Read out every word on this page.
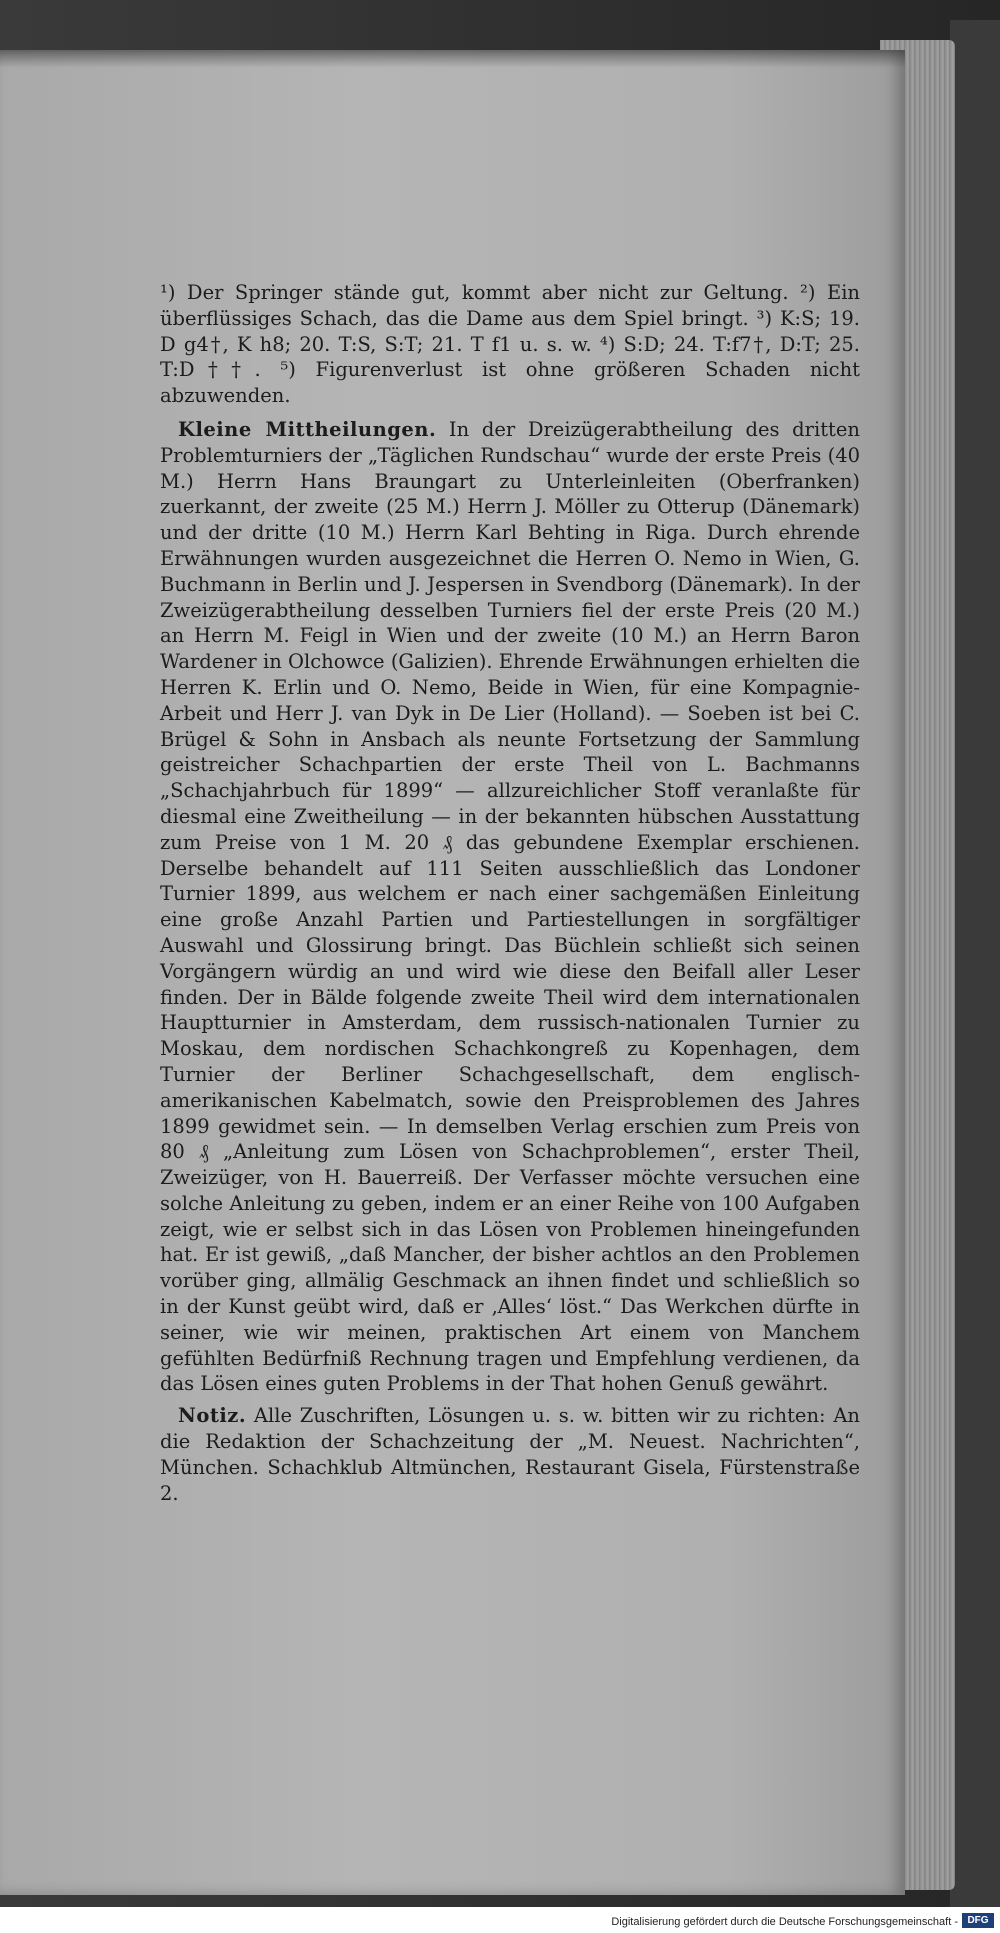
¹) Der Springer stände gut, kommt aber nicht zur Geltung. ²) Ein überflüssiges Schach, das die Dame aus dem Spiel bringt. ³) K:S; 19. D g4†, K h8; 20. T:S, S:T; 21. T f1 u. s. w. ⁴) S:D; 24. T:f7†, D:T; 25. T:D††. ⁵) Figurenverlust ist ohne größeren Schaden nicht abzuwenden.

Kleine Mittheilungen. In der Dreizügerabtheilung des dritten Problemturniers der „Täglichen Rundschau“ wurde der erste Preis (40 M.) Herrn Hans Braungart zu Unterleinleiten (Oberfranken) zuerkannt, der zweite (25 M.) Herrn J. Möller zu Otterup (Dänemark) und der dritte (10 M.) Herrn Karl Behting in Riga. Durch ehrende Erwähnungen wurden ausgezeichnet die Herren O. Nemo in Wien, G. Buchmann in Berlin und J. Jespersen in Svendborg (Dänemark). In der Zweizügerabtheilung desselben Turniers fiel der erste Preis (20 M.) an Herrn M. Feigl in Wien und der zweite (10 M.) an Herrn Baron Wardener in Olchowce (Galizien). Ehrende Erwähnungen erhielten die Herren K. Erlin und O. Nemo, Beide in Wien, für eine Kompagnie-Arbeit und Herr J. van Dyk in De Lier (Holland). — Soeben ist bei C. Brügel & Sohn in Ansbach als neunte Fortsetzung der Sammlung geistreicher Schachpartien der erste Theil von L. Bachmanns „Schachjahrbuch für 1899“ — allzureichlicher Stoff veranlaßte für diesmal eine Zweitheilung — in der bekannten hübschen Ausstattung zum Preise von 1 M. 20 ₰ das gebundene Exemplar erschienen. Derselbe behandelt auf 111 Seiten ausschließlich das Londoner Turnier 1899, aus welchem er nach einer sachgemäßen Einleitung eine große Anzahl Partien und Partiestellungen in sorgfältiger Auswahl und Glossirung bringt. Das Büchlein schließt sich seinen Vorgängern würdig an und wird wie diese den Beifall aller Leser finden. Der in Bälde folgende zweite Theil wird dem internationalen Hauptturnier in Amsterdam, dem russisch-nationalen Turnier zu Moskau, dem nordischen Schachkongreß zu Kopenhagen, dem Turnier der Berliner Schachgesellschaft, dem englisch-amerikanischen Kabelmatch, sowie den Preisproblemen des Jahres 1899 gewidmet sein. — In demselben Verlag erschien zum Preis von 80 ₰ „Anleitung zum Lösen von Schachproblemen“, erster Theil, Zweizüger, von H. Bauerreiß. Der Verfasser möchte versuchen eine solche Anleitung zu geben, indem er an einer Reihe von 100 Aufgaben zeigt, wie er selbst sich in das Lösen von Problemen hineingefunden hat. Er ist gewiß, „daß Mancher, der bisher achtlos an den Problemen vorüber ging, allmälig Geschmack an ihnen findet und schließlich so in der Kunst geübt wird, daß er ‚Alles‘ löst.“ Das Werkchen dürfte in seiner, wie wir meinen, praktischen Art einem von Manchem gefühlten Bedürfniß Rechnung tragen und Empfehlung verdienen, da das Lösen eines guten Problems in der That hohen Genuß gewährt.

Notiz. Alle Zuschriften, Lösungen u. s. w. bitten wir zu richten: An die Redaktion der Schachzeitung der „M. Neuest. Nachrichten“, München. Schachklub Altmünchen, Restaurant Gisela, Fürstenstraße 2.

Digitalisierung gefördert durch die Deutsche Forschungsgemeinschaft - DFG
